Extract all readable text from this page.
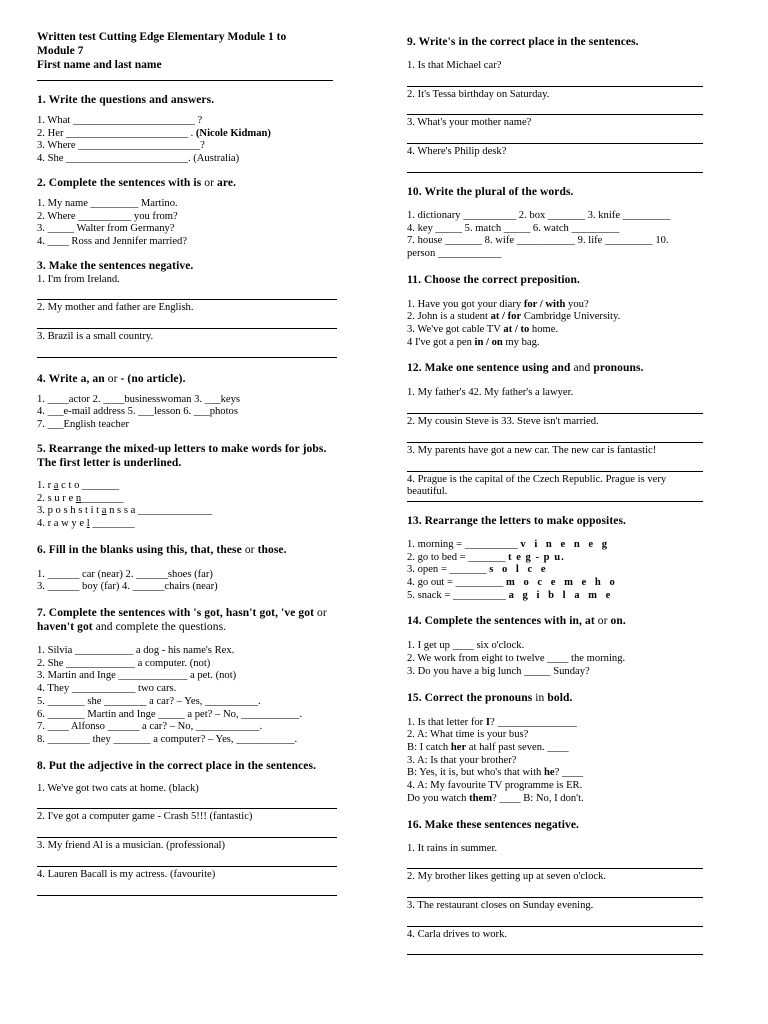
Written test Cutting Edge Elementary Module 1 to
Module 7
First name and last name
1. Write the questions and answers.
1. What _______________________ ?
2. Her _______________________ . (Nicole Kidman)
3. Where _______________________?
4. She _______________________. (Australia)
2. Complete the sentences with is or are.
1. My name _________ Martino.
2. Where __________ you from?
3. _____ Walter from Germany?
4. ____ Ross and Jennifer married?
3. Make the sentences negative.
1. I'm from Ireland.
2. My mother and father are English.
3. Brazil is a small country.
4. Write a, an or - (no article).
1. ____actor 2. ____businesswoman 3. ___keys
4. ___e-mail address 5. ___lesson 6. ___photos
7. ___English teacher
5. Rearrange the mixed-up letters to make words for jobs.
The first letter is underlined.
1. r a c t o _______
2. s u r e n________
3. p o s h s t i t a n s s a ______________
4. r a w y e l ________
6. Fill in the blanks using this, that, these or those.
1. ______ car (near) 2. ______shoes (far)
3. ______ boy (far) 4. ______chairs (near)
7. Complete the sentences with 's got, hasn't got, 've got or
haven't got and complete the questions.
1. Silvia ___________ a dog - his name's Rex.
2. She _____________ a computer. (not)
3. Martin and Inge _____________ a pet. (not)
4. They ____________ two cars.
5. _______ she ________ a car? – Yes, __________.
6. _______ Martin and Inge _____ a pet? – No, ___________.
7. ____ Alfonso ______ a car? – No, ____________.
8. ________ they _______ a computer? – Yes, ___________.
8. Put the adjective in the correct place in the sentences.
1. We've got two cats at home. (black)
2. I've got a computer game - Crash 5!!! (fantastic)
3. My friend Al is a musician. (professional)
4. Lauren Bacall is my actress. (favourite)
9. Write's in the correct place in the sentences.
1. Is that Michael car?
2. It's Tessa birthday on Saturday.
3. What's your mother name?
4. Where's Philip desk?
10. Write the plural of the words.
1. dictionary __________ 2. box _______ 3. knife _________
4. key _____ 5. match _____ 6. watch _________
7. house _______ 8. wife ___________ 9. life _________ 10.
person ____________
11. Choose the correct preposition.
1. Have you got your diary for / with you?
2. John is a student at / for Cambridge University.
3. We've got cable TV at / to home.
4 I've got a pen in / on my bag.
12. Make one sentence using and and pronouns.
1. My father's 42. My father's a lawyer.
2. My cousin Steve is 33. Steve isn't married.
3. My parents have got a new car. The new car is fantastic!
4. Prague is the capital of the Czech Republic. Prague is very beautiful.
13. Rearrange the letters to make opposites.
1. morning = __________ v i n e n e g
2. go to bed = _______ t e g - p u.
3. open = _______ s o l c e
4. go out = _________ m o c e m e h o
5. snack = __________ a g i b l a m e
14. Complete the sentences with in, at or on.
1. I get up ____ six o'clock.
2. We work from eight to twelve ____ the morning.
3. Do you have a big lunch _____ Sunday?
15. Correct the pronouns in bold.
1. Is that letter for I? _______________
2. A: What time is your bus?
B: I catch her at half past seven. ____
3. A: Is that your brother?
B: Yes, it is, but who's that with he? ____
4. A: My favourite TV programme is ER.
Do you watch them? ____ B: No, I don't.
16. Make these sentences negative.
1. It rains in summer.
2. My brother likes getting up at seven o'clock.
3. The restaurant closes on Sunday evening.
4. Carla drives to work.
